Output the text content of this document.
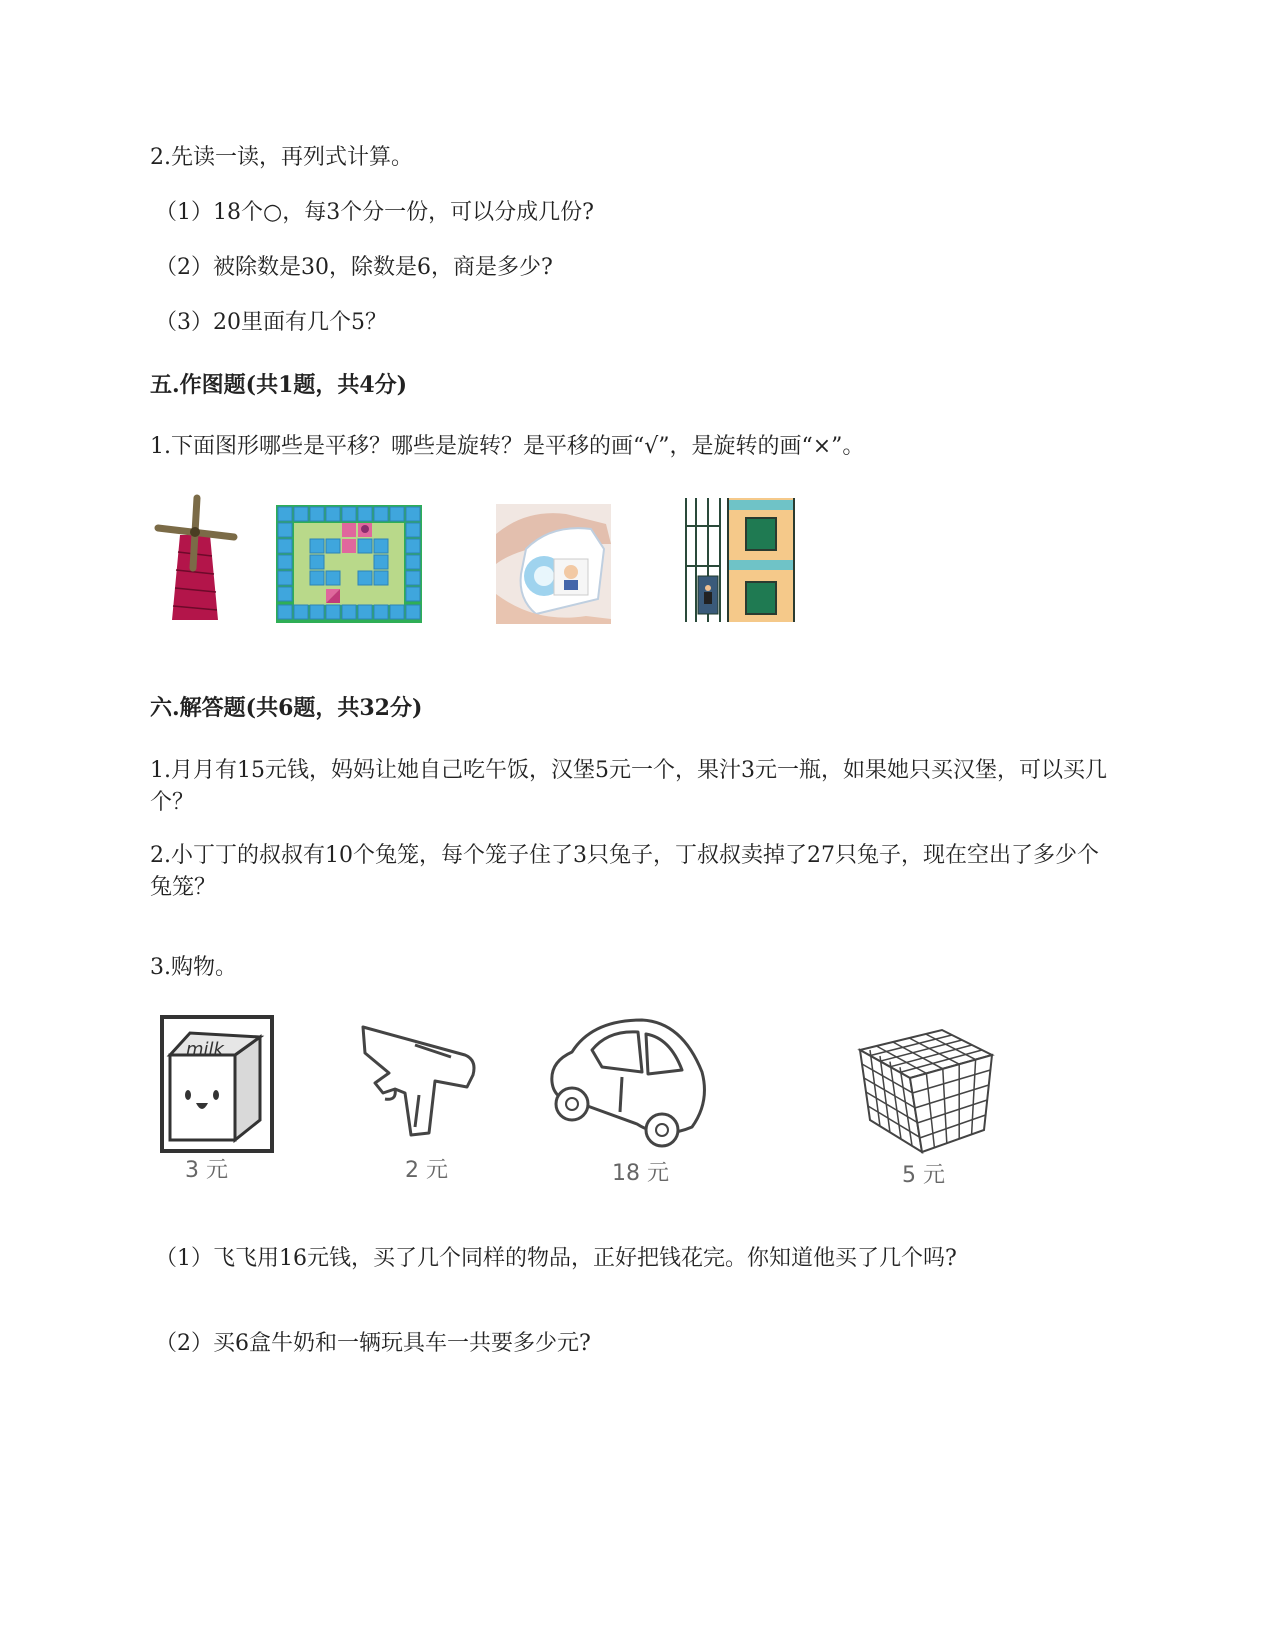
2.先读一读，再列式计算。
（1）18个○，每3个分一份，可以分成几份?
（2）被除数是30，除数是6，商是多少?
（3）20里面有几个5？
五.作图题(共1题，共4分)
1.下面图形哪些是平移？哪些是旋转？是平移的画“√”，是旋转的画“×”。
六.解答题(共6题，共32分)
1.月月有15元钱，妈妈让她自己吃午饭，汉堡5元一个，果汁3元一瓶，如果她只买汉堡，可以买几个？
2.小丁丁的叔叔有10个兔笼，每个笼子住了3只兔子，丁叔叔卖掉了27只兔子，现在空出了多少个兔笼？
3.购物。
milk
3 元	2 元	18 元	5 元
（1）飞飞用16元钱，买了几个同样的物品，正好把钱花完。你知道他买了几个吗?
（2）买6盒牛奶和一辆玩具车一共要多少元?
